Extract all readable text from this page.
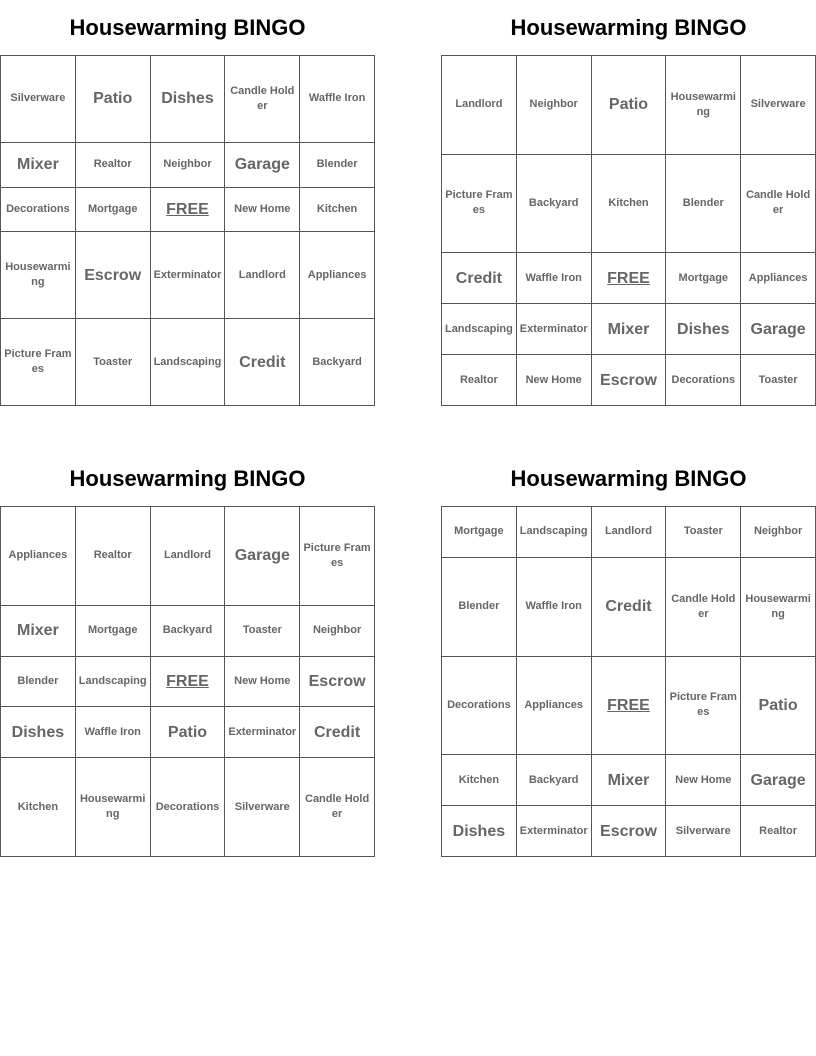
Housewarming BINGO
Silverware	Patio	Dishes	Candle Holder	Waffle Iron
Mixer	Realtor	Neighbor	Garage	Blender
Decorations	Mortgage	FREE	New Home	Kitchen
Housewarming	Escrow	Exterminator	Landlord	Appliances
Picture Frames	Toaster	Landscaping	Credit	Backyard
Housewarming BINGO
Landlord	Neighbor	Patio	Housewarming	Silverware
Picture Frames	Backyard	Kitchen	Blender	Candle Holder
Credit	Waffle Iron	FREE	Mortgage	Appliances
Landscaping	Exterminator	Mixer	Dishes	Garage
Realtor	New Home	Escrow	Decorations	Toaster
Housewarming BINGO
Appliances	Realtor	Landlord	Garage	Picture Frames
Mixer	Mortgage	Backyard	Toaster	Neighbor
Blender	Landscaping	FREE	New Home	Escrow
Dishes	Waffle Iron	Patio	Exterminator	Credit
Kitchen	Housewarming	Decorations	Silverware	Candle Holder
Housewarming BINGO
Mortgage	Landscaping	Landlord	Toaster	Neighbor
Blender	Waffle Iron	Credit	Candle Holder	Housewarming
Decorations	Appliances	FREE	Picture Frames	Patio
Kitchen	Backyard	Mixer	New Home	Garage
Dishes	Exterminator	Escrow	Silverware	Realtor
